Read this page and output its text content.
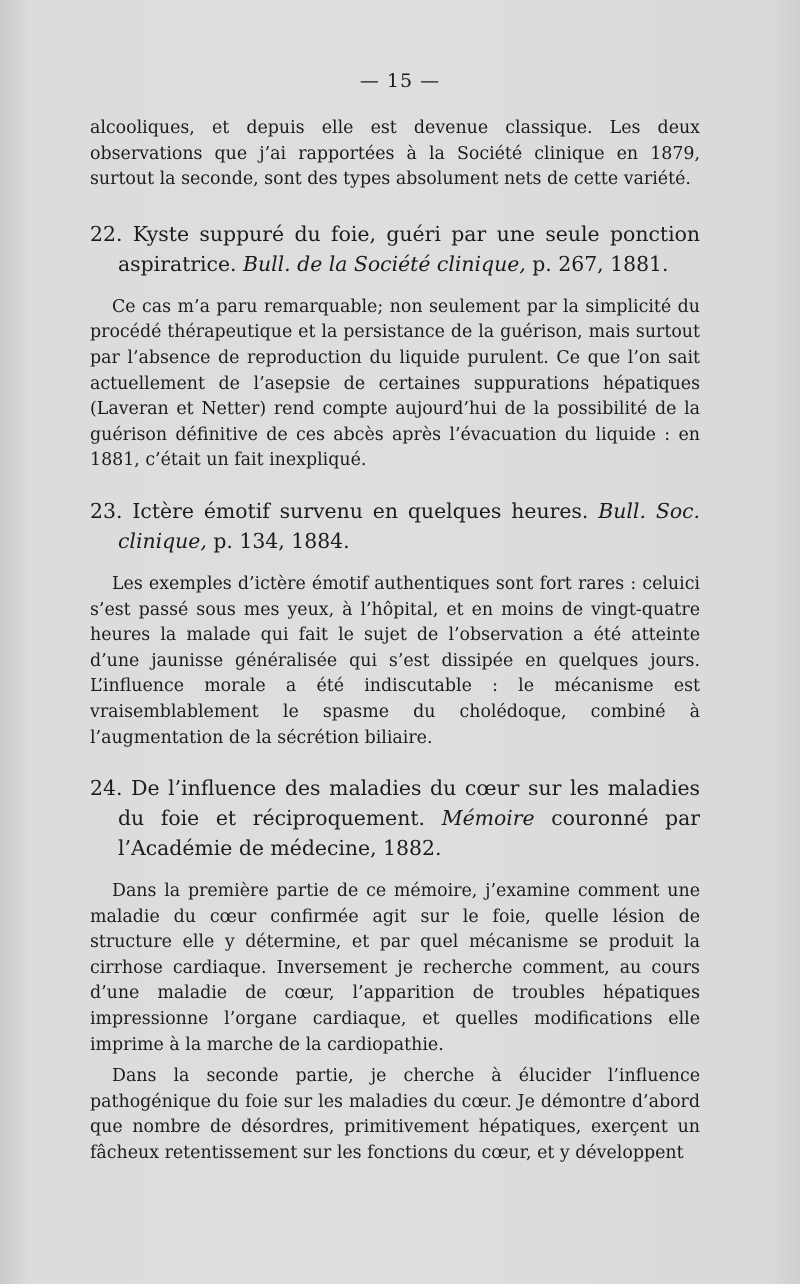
— 15 —

alcooliques, et depuis elle est devenue classique. Les deux observations que j’ai rapportées à la Société clinique en 1879, surtout la seconde, sont des types absolument nets de cette variété.

22. Kyste suppuré du foie, guéri par une seule ponction aspiratrice. Bull. de la Société clinique, p. 267, 1881.

Ce cas m’a paru remarquable; non seulement par la simplicité du procédé thérapeutique et la persistance de la guérison, mais surtout par l’absence de reproduction du liquide purulent. Ce que l’on sait actuellement de l’asepsie de certaines suppurations hépatiques (Laveran et Netter) rend compte aujourd’hui de la possibilité de la guérison définitive de ces abcès après l’évacuation du liquide : en 1881, c’était un fait inexpliqué.

23. Ictère émotif survenu en quelques heures. Bull. Soc. clinique, p. 134, 1884.

Les exemples d’ictère émotif authentiques sont fort rares : celuici s’est passé sous mes yeux, à l’hôpital, et en moins de vingt-quatre heures la malade qui fait le sujet de l’observation a été atteinte d’une jaunisse généralisée qui s’est dissipée en quelques jours. L’influence morale a été indiscutable : le mécanisme est vraisemblablement le spasme du cholédoque, combiné à l’augmentation de la sécrétion biliaire.

24. De l’influence des maladies du cœur sur les maladies du foie et réciproquement. Mémoire couronné par l’Académie de médecine, 1882.

Dans la première partie de ce mémoire, j’examine comment une maladie du cœur confirmée agit sur le foie, quelle lésion de structure elle y détermine, et par quel mécanisme se produit la cirrhose cardiaque. Inversement je recherche comment, au cours d’une maladie de cœur, l’apparition de troubles hépatiques impressionne l’organe cardiaque, et quelles modifications elle imprime à la marche de la cardiopathie.

Dans la seconde partie, je cherche à élucider l’influence pathogénique du foie sur les maladies du cœur. Je démontre d’abord que nombre de désordres, primitivement hépatiques, exerçent un fâcheux retentissement sur les fonctions du cœur, et y développent
